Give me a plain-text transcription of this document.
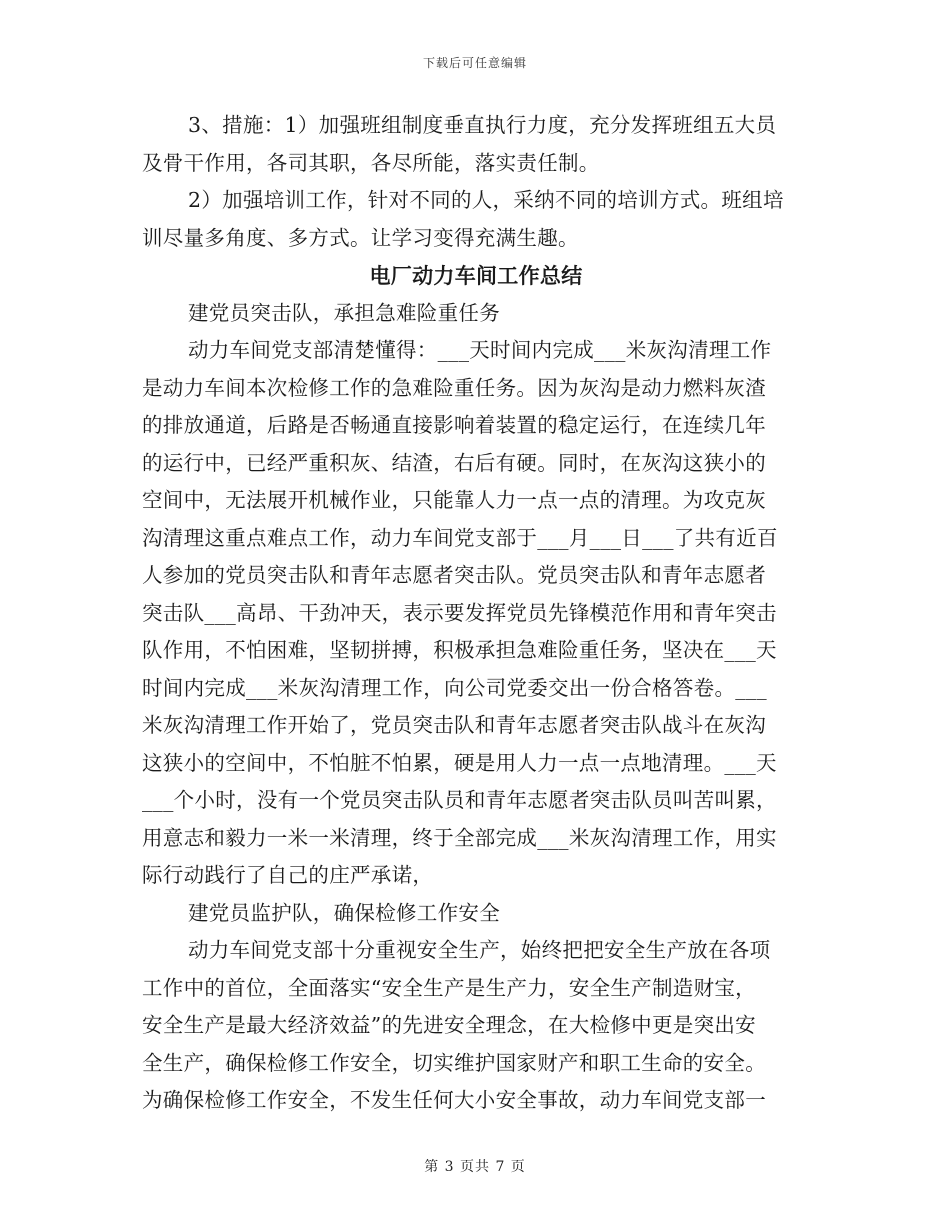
下载后可任意编辑
3、措施：1）加强班组制度垂直执行力度，充分发挥班组五大员
及骨干作用，各司其职，各尽所能，落实责任制。
2）加强培训工作，针对不同的人，采纳不同的培训方式。班组培
训尽量多角度、多方式。让学习变得充满生趣。
电厂动力车间工作总结
建党员突击队，承担急难险重任务
动力车间党支部清楚懂得：___天时间内完成___米灰沟清理工作
是动力车间本次检修工作的急难险重任务。因为灰沟是动力燃料灰渣
的排放通道，后路是否畅通直接影响着装置的稳定运行，在连续几年
的运行中，已经严重积灰、结渣，右后有硬。同时，在灰沟这狭小的
空间中，无法展开机械作业，只能靠人力一点一点的清理。为攻克灰
沟清理这重点难点工作，动力车间党支部于___月___日___了共有近百
人参加的党员突击队和青年志愿者突击队。党员突击队和青年志愿者
突击队___高昂、干劲冲天，表示要发挥党员先锋模范作用和青年突击
队作用，不怕困难，坚韧拼搏，积极承担急难险重任务，坚决在___天
时间内完成___米灰沟清理工作，向公司党委交出一份合格答卷。___
米灰沟清理工作开始了，党员突击队和青年志愿者突击队战斗在灰沟
这狭小的空间中，不怕脏不怕累，硬是用人力一点一点地清理。___天
___个小时，没有一个党员突击队员和青年志愿者突击队员叫苦叫累，
用意志和毅力一米一米清理，终于全部完成___米灰沟清理工作，用实
际行动践行了自己的庄严承诺，
建党员监护队，确保检修工作安全
动力车间党支部十分重视安全生产，始终把把安全生产放在各项
工作中的首位，全面落实“安全生产是生产力，安全生产制造财宝，
安全生产是最大经济效益”的先进安全理念，在大检修中更是突出安
全生产，确保检修工作安全，切实维护国家财产和职工生命的安全。
为确保检修工作安全，不发生任何大小安全事故，动力车间党支部一
第 3 页共 7 页
